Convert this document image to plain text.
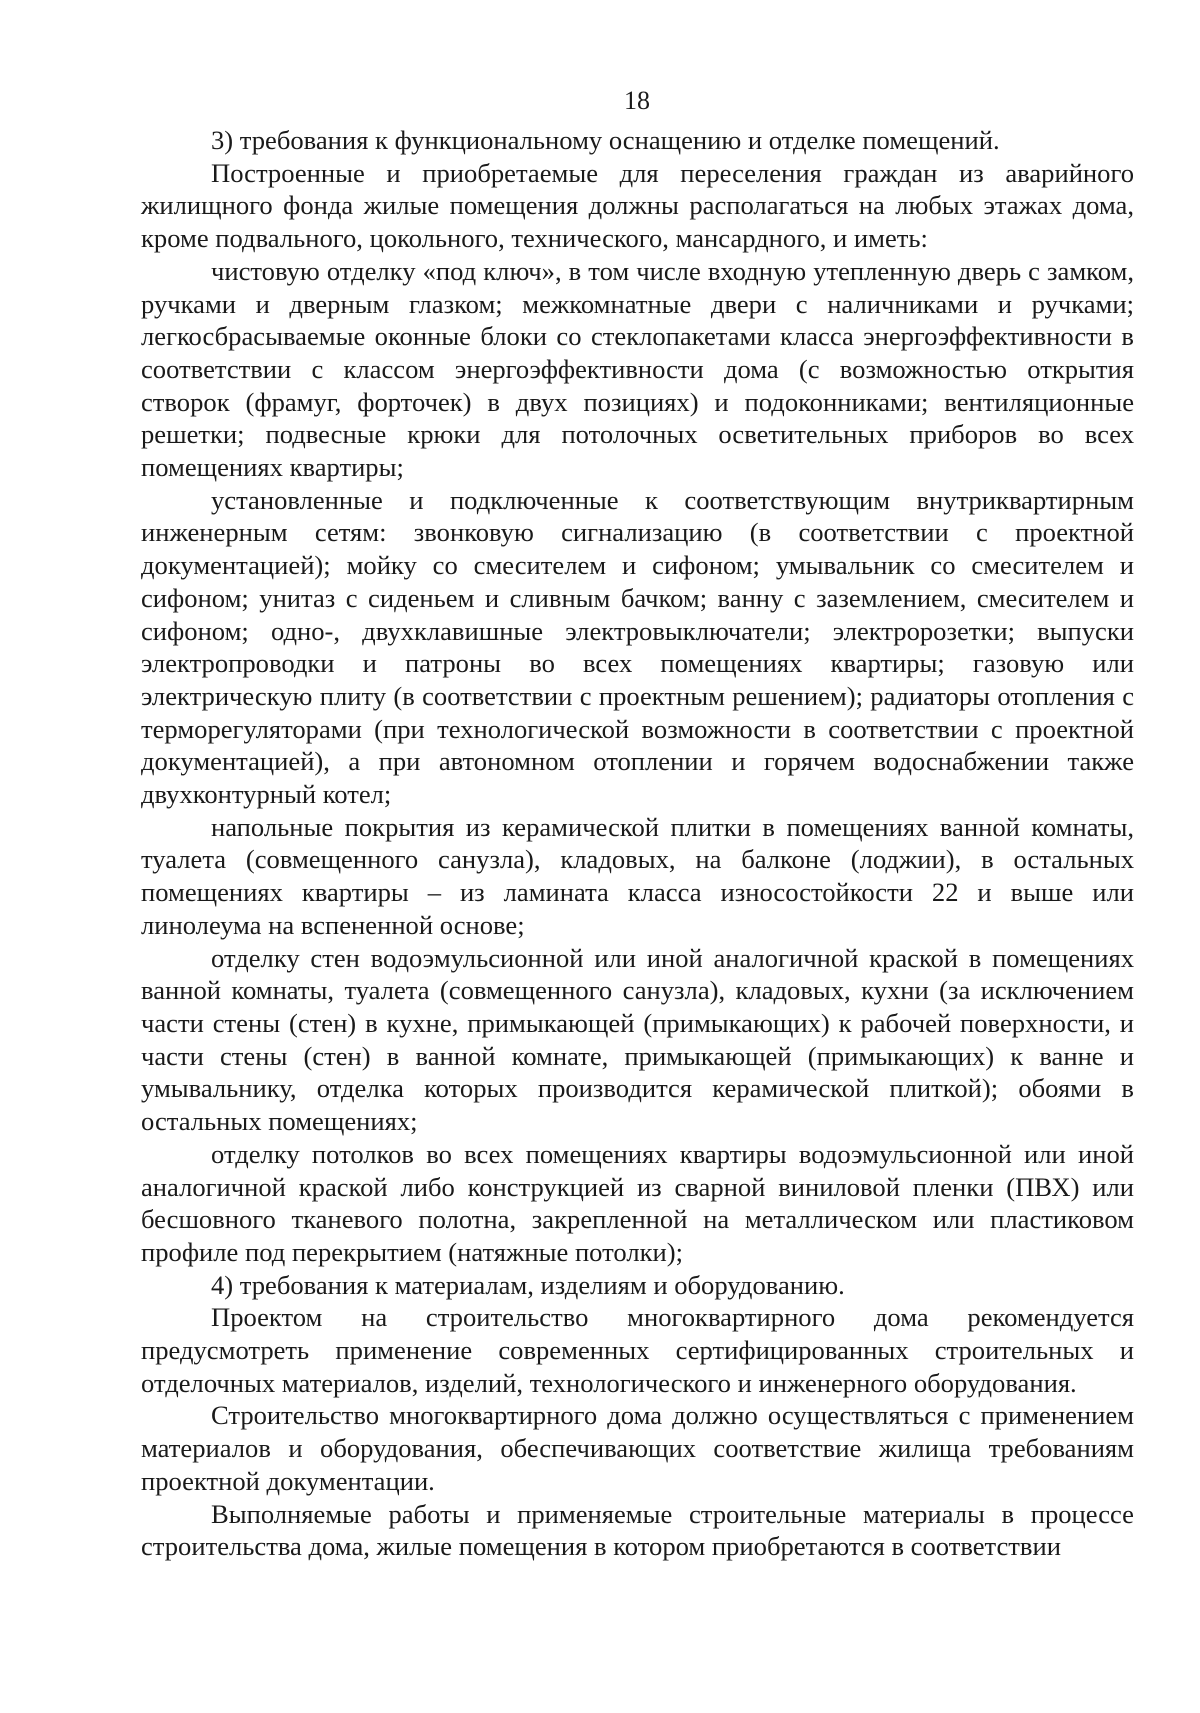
18

3) требования к функциональному оснащению и отделке помещений.

Построенные и приобретаемые для переселения граждан из аварийного жилищного фонда жилые помещения должны располагаться на любых этажах дома, кроме подвального, цокольного, технического, мансардного, и иметь:

чистовую отделку «под ключ», в том числе входную утепленную дверь с замком, ручками и дверным глазком; межкомнатные двери с наличниками и ручками; легкосбрасываемые оконные блоки со стеклопакетами класса энергоэффективности в соответствии с классом энергоэффективности дома (с возможностью открытия створок (фрамуг, форточек) в двух позициях) и подоконниками; вентиляционные решетки; подвесные крюки для потолочных осветительных приборов во всех помещениях квартиры;

установленные и подключенные к соответствующим внутриквартирным инженерным сетям: звонковую сигнализацию (в соответствии с проектной документацией); мойку со смесителем и сифоном; умывальник со смесителем и сифоном; унитаз с сиденьем и сливным бачком; ванну с заземлением, смесителем и сифоном; одно-, двухклавишные электровыключатели; электророзетки; выпуски электропроводки и патроны во всех помещениях квартиры; газовую или электрическую плиту (в соответствии с проектным решением); радиаторы отопления с терморегуляторами (при технологической возможности в соответствии с проектной документацией), а при автономном отоплении и горячем водоснабжении также двухконтурный котел;

напольные покрытия из керамической плитки в помещениях ванной комнаты, туалета (совмещенного санузла), кладовых, на балконе (лоджии), в остальных помещениях квартиры – из ламината класса износостойкости 22 и выше или линолеума на вспененной основе;

отделку стен водоэмульсионной или иной аналогичной краской в помещениях ванной комнаты, туалета (совмещенного санузла), кладовых, кухни (за исключением части стены (стен) в кухне, примыкающей (примыкающих) к рабочей поверхности, и части стены (стен) в ванной комнате, примыкающей (примыкающих) к ванне и умывальнику, отделка которых производится керамической плиткой); обоями в остальных помещениях;

отделку потолков во всех помещениях квартиры водоэмульсионной или иной аналогичной краской либо конструкцией из сварной виниловой пленки (ПВХ) или бесшовного тканевого полотна, закрепленной на металлическом или пластиковом профиле под перекрытием (натяжные потолки);

4) требования к материалам, изделиям и оборудованию.

Проектом на строительство многоквартирного дома рекомендуется предусмотреть применение современных сертифицированных строительных и отделочных материалов, изделий, технологического и инженерного оборудования.

Строительство многоквартирного дома должно осуществляться с применением материалов и оборудования, обеспечивающих соответствие жилища требованиям проектной документации.

Выполняемые работы и применяемые строительные материалы в процессе строительства дома, жилые помещения в котором приобретаются в соответствии
